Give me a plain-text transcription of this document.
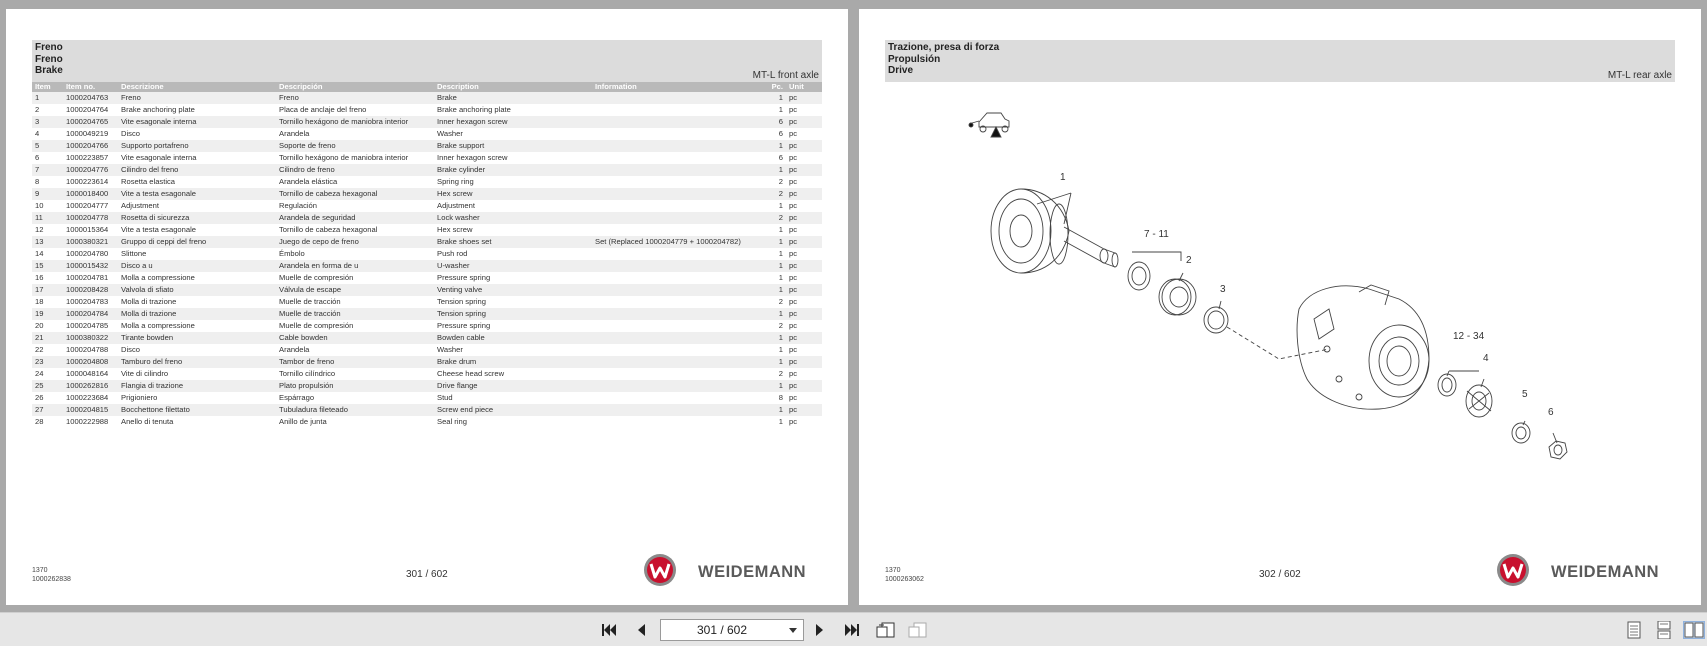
Freno
Freno
Brake	MT-L front axle
Item	Item no.	Descrizione	Descripción	Description	Information	Pc.	Unit
1	1000204763	Freno	Freno	Brake		1	pc
2	1000204764	Brake anchoring plate	Placa de anclaje del freno	Brake anchoring plate		1	pc
3	1000204765	Vite esagonale interna	Tornillo hexágono de maniobra interior	Inner hexagon screw		6	pc
4	1000049219	Disco	Arandela	Washer		6	pc
5	1000204766	Supporto portafreno	Soporte de freno	Brake support		1	pc
6	1000223857	Vite esagonale interna	Tornillo hexágono de maniobra interior	Inner hexagon screw		6	pc
7	1000204776	Cilindro del freno	Cilindro de freno	Brake cylinder		1	pc
8	1000223614	Rosetta elastica	Arandela elástica	Spring ring		2	pc
9	1000018400	Vite a testa esagonale	Tornillo de cabeza hexagonal	Hex screw		2	pc
10	1000204777	Adjustment	Regulación	Adjustment		1	pc
11	1000204778	Rosetta di sicurezza	Arandela de seguridad	Lock washer		2	pc
12	1000015364	Vite a testa esagonale	Tornillo de cabeza hexagonal	Hex screw		1	pc
13	1000380321	Gruppo di ceppi del freno	Juego de cepo de freno	Brake shoes set	Set (Replaced 1000204779 + 1000204782)	1	pc
14	1000204780	Slittone	Émbolo	Push rod		1	pc
15	1000015432	Disco a u	Arandela en forma de u	U-washer		1	pc
16	1000204781	Molla a compressione	Muelle de compresión	Pressure spring		1	pc
17	1000208428	Valvola di sfiato	Válvula de escape	Venting valve		1	pc
18	1000204783	Molla di trazione	Muelle de tracción	Tension spring		2	pc
19	1000204784	Molla di trazione	Muelle de tracción	Tension spring		1	pc
20	1000204785	Molla a compressione	Muelle de compresión	Pressure spring		2	pc
21	1000380322	Tirante bowden	Cable bowden	Bowden cable		1	pc
22	1000204788	Disco	Arandela	Washer		1	pc
23	1000204808	Tamburo del freno	Tambor de freno	Brake drum		1	pc
24	1000048164	Vite di cilindro	Tornillo cilíndrico	Cheese head screw		2	pc
25	1000262816	Flangia di trazione	Plato propulsión	Drive flange		1	pc
26	1000223684	Prigioniero	Espárrago	Stud		8	pc
27	1000204815	Bocchettone filettato	Tubuladura fileteado	Screw end piece		1	pc
28	1000222988	Anello di tenuta	Anillo de junta	Seal ring		1	pc
1370
1000262838	301 / 602	WEIDEMANN
Trazione, presa di forza
Propulsión
Drive	MT-L rear axle
1
7 - 11
2
3
12 - 34
4
5
6
1370
1000263062	302 / 602	WEIDEMANN
301 / 602
